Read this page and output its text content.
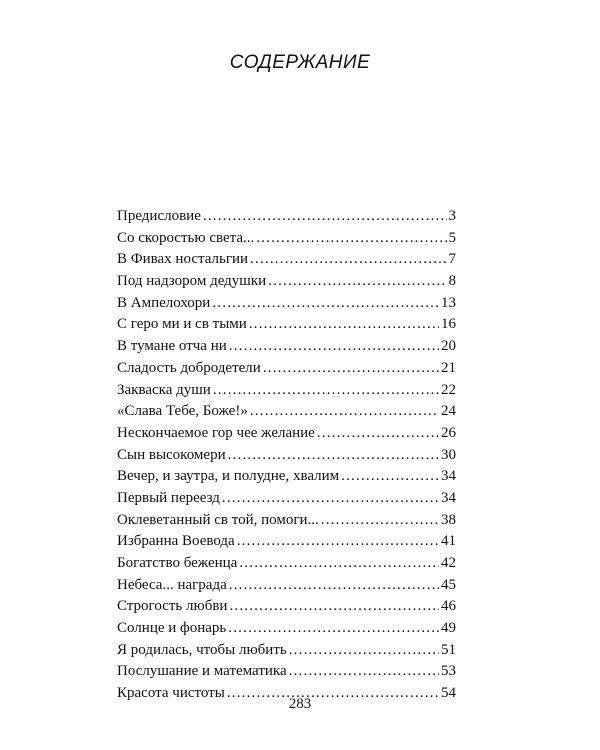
СОДЕРЖАНИЕ
Предисловие .....	3
Со скоростью света... .....	5
В Фивах ностальгии .....	7
Под надзором дедушки .....	8
В Ампелохори .....	13
С геро ми и св тыми .....	16
В тумане отча ни .....	20
Сладость добродетели .....	21
Закваска души .....	22
«Слава Тебе, Боже!» .....	24
Нескончаемое гор чее желание .....	26
Сын высокомери .....	30
Вечер, и заутра, и полудне, хвалим .....	34
Первый переезд .....	34
Оклеветанный св той, помоги... .....	38
Избранна Воевода .....	41
Богатство беженца .....	42
Небеса... награда .....	45
Строгость любви .....	46
Солнце и фонарь .....	49
Я родилась, чтобы любить .....	51
Послушание и математика .....	53
Красота чистоты .....	54
283
